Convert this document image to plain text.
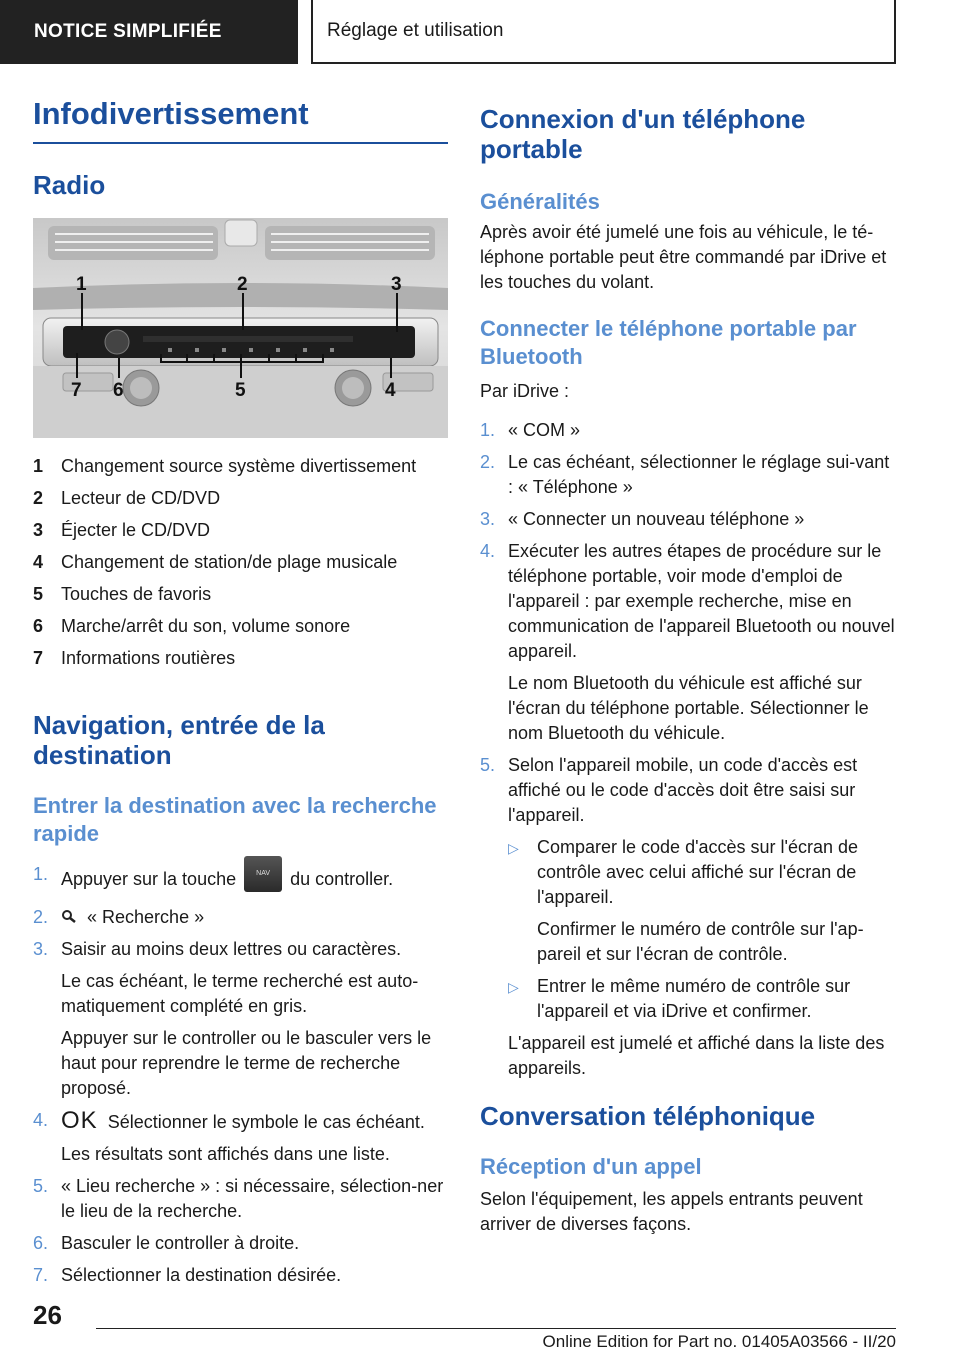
NOTICE SIMPLIFIÉE	Réglage et utilisation
Infodivertissement
Radio
1	2	3
4
5
6
7
1 Changement source système divertissement
2 Lecteur de CD/DVD
3 Éjecter le CD/DVD
4 Changement de station/de plage musicale
5 Touches de favoris
6 Marche/arrêt du son, volume sonore
7 Informations routières
Navigation, entrée de la destination
Entrer la destination avec la recherche rapide
1. Appuyer sur la touche	NAV du controller.

2.	« Recherche »

3. Saisir au moins deux lettres ou caractères.

Le cas échéant, le terme recherché est auto‐matiquement complété en gris.

Appuyer sur le controller ou le basculer vers le haut pour reprendre le terme de recherche proposé.

4. OK Sélectionner le symbole le cas échéant.

Les résultats sont affichés dans une liste.

5. « Lieu recherche » : si nécessaire, sélection‐ner le lieu de la recherche.

6. Basculer le controller à droite.

7. Sélectionner la destination désirée.

Connexion d'un téléphone portable
Généralités

Après avoir été jumelé une fois au véhicule, le té‐léphone portable peut être commandé par iDrive et les touches du volant.

Connecter le téléphone portable par Bluetooth

Par iDrive :

1. « COM »

2. Le cas échéant, sélectionner le réglage sui‐vant : « Téléphone »

3. « Connecter un nouveau téléphone »

4. Exécuter les autres étapes de procédure sur le téléphone portable, voir mode d'emploi de l'appareil : par exemple recherche, mise en communication de l'appareil Bluetooth ou nouvel appareil.

Le nom Bluetooth du véhicule est affiché sur l'écran du téléphone portable. Sélectionner le nom Bluetooth du véhicule.

5. Selon l'appareil mobile, un code d'accès est affiché ou le code d'accès doit être saisi sur l'appareil.

▷	Comparer le code d'accès sur l'écran de contrôle avec celui affiché sur l'écran de l'appareil.

Confirmer le numéro de contrôle sur l'ap‐pareil et sur l'écran de contrôle.

▷	Entrer le même numéro de contrôle sur l'appareil et via iDrive et confirmer.

L'appareil est jumelé et affiché dans la liste des appareils.

Conversation téléphonique
Réception d'un appel

Selon l'équipement, les appels entrants peuvent arriver de diverses façons.

26
Online Edition for Part no. 01405A03566 - II/20
